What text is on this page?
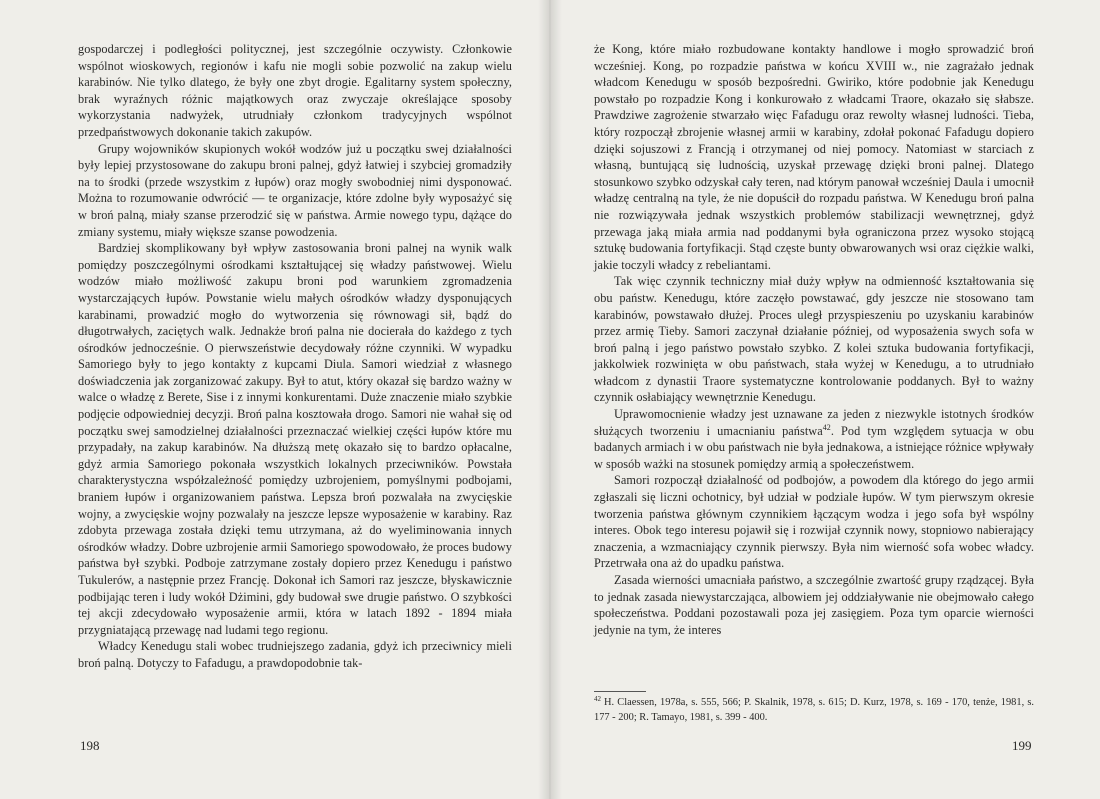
gospodarczej i podległości politycznej, jest szczególnie oczywisty. Członkowie wspólnot wioskowych, regionów i kafu nie mogli sobie pozwolić na zakup wielu karabinów. Nie tylko dlatego, że były one zbyt drogie. Egalitarny system społeczny, brak wyraźnych różnic majątkowych oraz zwyczaje określające sposoby wykorzystania nadwyżek, utrudniały członkom tradycyjnych wspólnot przedpaństwowych dokonanie takich zakupów.

Grupy wojowników skupionych wokół wodzów już u początku swej działalności były lepiej przystosowane do zakupu broni palnej, gdyż łatwiej i szybciej gromadziły na to środki (przede wszystkim z łupów) oraz mogły swobodniej nimi dysponować. Można to rozumowanie odwrócić — te organizacje, które zdolne były wyposażyć się w broń palną, miały szanse przerodzić się w państwa. Armie nowego typu, dążące do zmiany systemu, miały większe szanse powodzenia.

Bardziej skomplikowany był wpływ zastosowania broni palnej na wynik walk pomiędzy poszczególnymi ośrodkami kształtującej się władzy państwowej. Wielu wodzów miało możliwość zakupu broni pod warunkiem zgromadzenia wystarczających łupów. Powstanie wielu małych ośrodków władzy dysponujących karabinami, prowadzić mogło do wytworzenia się równowagi sił, bądź do długotrwałych, zaciętych walk. Jednakże broń palna nie docierała do każdego z tych ośrodków jednocześnie. O pierwszeństwie decydowały różne czynniki. W wypadku Samoriego były to jego kontakty z kupcami Diula. Samori wiedział z własnego doświadczenia jak zorganizować zakupy. Był to atut, który okazał się bardzo ważny w walce o władzę z Berete, Sise i z innymi konkurentami. Duże znaczenie miało szybkie podjęcie odpowiedniej decyzji. Broń palna kosztowała drogo. Samori nie wahał się od początku swej samodzielnej działalności przeznaczać wielkiej części łupów które mu przypadały, na zakup karabinów. Na dłuższą metę okazało się to bardzo opłacalne, gdyż armia Samoriego pokonała wszystkich lokalnych przeciwników. Powstała charakterystyczna współzależność pomiędzy uzbrojeniem, pomyślnymi podbojami, braniem łupów i organizowaniem państwa. Lepsza broń pozwalała na zwycięskie wojny, a zwycięskie wojny pozwalały na jeszcze lepsze wyposażenie w karabiny. Raz zdobyta przewaga została dzięki temu utrzymana, aż do wyeliminowania innych ośrodków władzy. Dobre uzbrojenie armii Samoriego spowodowało, że proces budowy państwa był szybki. Podboje zatrzymane zostały dopiero przez Kenedugu i państwo Tukulerów, a następnie przez Francję. Dokonał ich Samori raz jeszcze, błyskawicznie podbijając teren i ludy wokół Dżimini, gdy budował swe drugie państwo. O szybkości tej akcji zdecydowało wyposażenie armii, która w latach 1892 - 1894 miała przygniatającą przewagę nad ludami tego regionu.

Władcy Kenedugu stali wobec trudniejszego zadania, gdyż ich przeciwnicy mieli broń palną. Dotyczy to Fafadugu, a prawdopodobnie tak-

198

że Kong, które miało rozbudowane kontakty handlowe i mogło sprowadzić broń wcześniej. Kong, po rozpadzie państwa w końcu XVIII w., nie zagrażało jednak władcom Kenedugu w sposób bezpośredni. Gwiriko, które podobnie jak Kenedugu powstało po rozpadzie Kong i konkurowało z władcami Traore, okazało się słabsze. Prawdziwe zagrożenie stwarzało więc Fafadugu oraz rewolty własnej ludności. Tieba, który rozpoczął zbrojenie własnej armii w karabiny, zdołał pokonać Fafadugu dopiero dzięki sojuszowi z Francją i otrzymanej od niej pomocy. Natomiast w starciach z własną, buntującą się ludnością, uzyskał przewagę dzięki broni palnej. Dlatego stosunkowo szybko odzyskał cały teren, nad którym panował wcześniej Daula i umocnił władzę centralną na tyle, że nie dopuścił do rozpadu państwa. W Kenedugu broń palna nie rozwiązywała jednak wszystkich problemów stabilizacji wewnętrznej, gdyż przewaga jaką miała armia nad poddanymi była ograniczona przez wysoko stojącą sztukę budowania fortyfikacji. Stąd częste bunty obwarowanych wsi oraz ciężkie walki, jakie toczyli władcy z rebeliantami.

Tak więc czynnik techniczny miał duży wpływ na odmienność kształtowania się obu państw. Kenedugu, które zaczęło powstawać, gdy jeszcze nie stosowano tam karabinów, powstawało dłużej. Proces uległ przyspieszeniu po uzyskaniu karabinów przez armię Tieby. Samori zaczynał działanie później, od wyposażenia swych sofa w broń palną i jego państwo powstało szybko. Z kolei sztuka budowania fortyfikacji, jakkolwiek rozwinięta w obu państwach, stała wyżej w Kenedugu, a to utrudniało władcom z dynastii Traore systematyczne kontrolowanie poddanych. Był to ważny czynnik osłabiający wewnętrznie Kenedugu.

Uprawomocnienie władzy jest uznawane za jeden z niezwykle istotnych środków służących tworzeniu i umacnianiu państwa$^{42}$. Pod tym względem sytuacja w obu badanych armiach i w obu państwach nie była jednakowa, a istniejące różnice wpływały w sposób ważki na stosunek pomiędzy armią a społeczeństwem.

Samori rozpoczął działalność od podbojów, a powodem dla którego do jego armii zgłaszali się liczni ochotnicy, był udział w podziale łupów. W tym pierwszym okresie tworzenia państwa głównym czynnikiem łączącym wodza i jego sofa był wspólny interes. Obok tego interesu pojawił się i rozwijał czynnik nowy, stopniowo nabierający znaczenia, a wzmacniający czynnik pierwszy. Była nim wierność sofa wobec władcy. Przetrwała ona aż do upadku państwa.

Zasada wierności umacniała państwo, a szczególnie zwartość grupy rządzącej. Była to jednak zasada niewystarczająca, albowiem jej oddziaływanie nie obejmowało całego społeczeństwa. Poddani pozostawali poza jej zasięgiem. Poza tym oparcie wierności jedynie na tym, że interes

$^{42}$ H. Claessen, 1978a, s. 555, 566; P. Skalnik, 1978, s. 615; D. Kurz, 1978, s. 169 - 170, tenże, 1981, s. 177 - 200; R. Tamayo, 1981, s. 399 - 400.
199
